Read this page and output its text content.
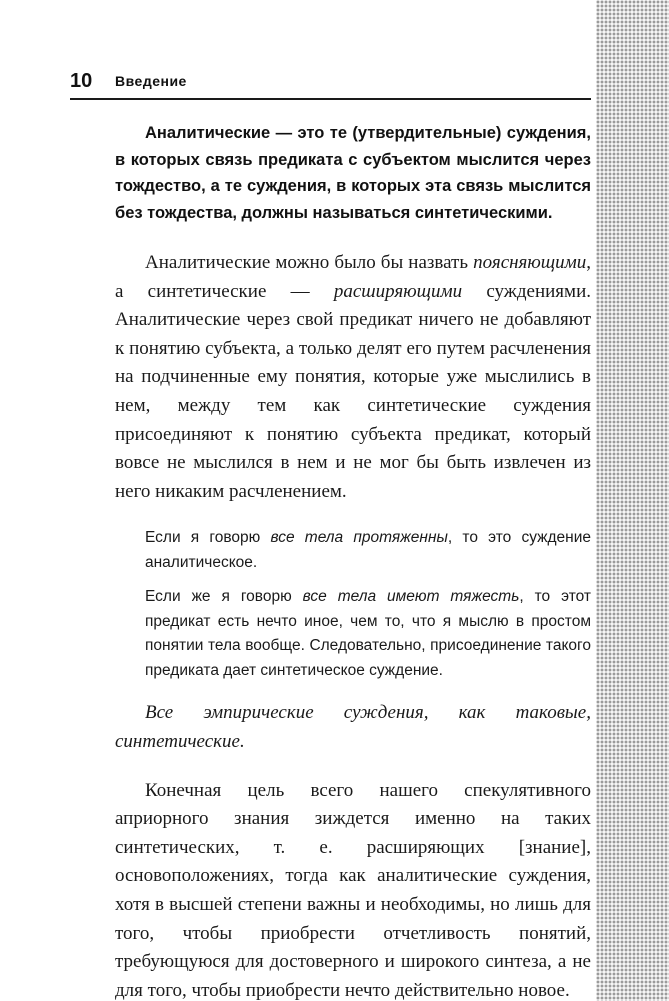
10 Введение

Аналитические — это те (утвердительные) суждения, в которых связь предиката с субъектом мыслится через тождество, а те суждения, в которых эта связь мыслится без тождества, должны называться синтетическими.

Аналитические можно было бы назвать поясняющими, а синтетические — расширяющими суждениями. Аналитические через свой предикат ничего не добавляют к понятию субъекта, а только делят его путем расчленения на подчиненные ему понятия, которые уже мыслились в нем, между тем как синтетические суждения присоединяют к понятию субъекта предикат, который вовсе не мыслился в нем и не мог бы быть извлечен из него никаким расчленением.

Если я говорю все тела протяженны, то это суждение аналитическое.

Если же я говорю все тела имеют тяжесть, то этот предикат есть нечто иное, чем то, что я мыслю в простом понятии тела вообще. Следовательно, присоединение такого предиката дает синтетическое суждение.

Все эмпирические суждения, как таковые, синтетические.

Конечная цель всего нашего спекулятивного априорного знания зиждется именно на таких синтетических, т. е. расширяющих [знание], основоположениях, тогда как аналитические суждения, хотя в высшей степени важны и необходимы, но лишь для того, чтобы приобрести отчетливость понятий, требующуюся для достоверного и широкого синтеза, а не для того, чтобы приобрести нечто действительно новое.
